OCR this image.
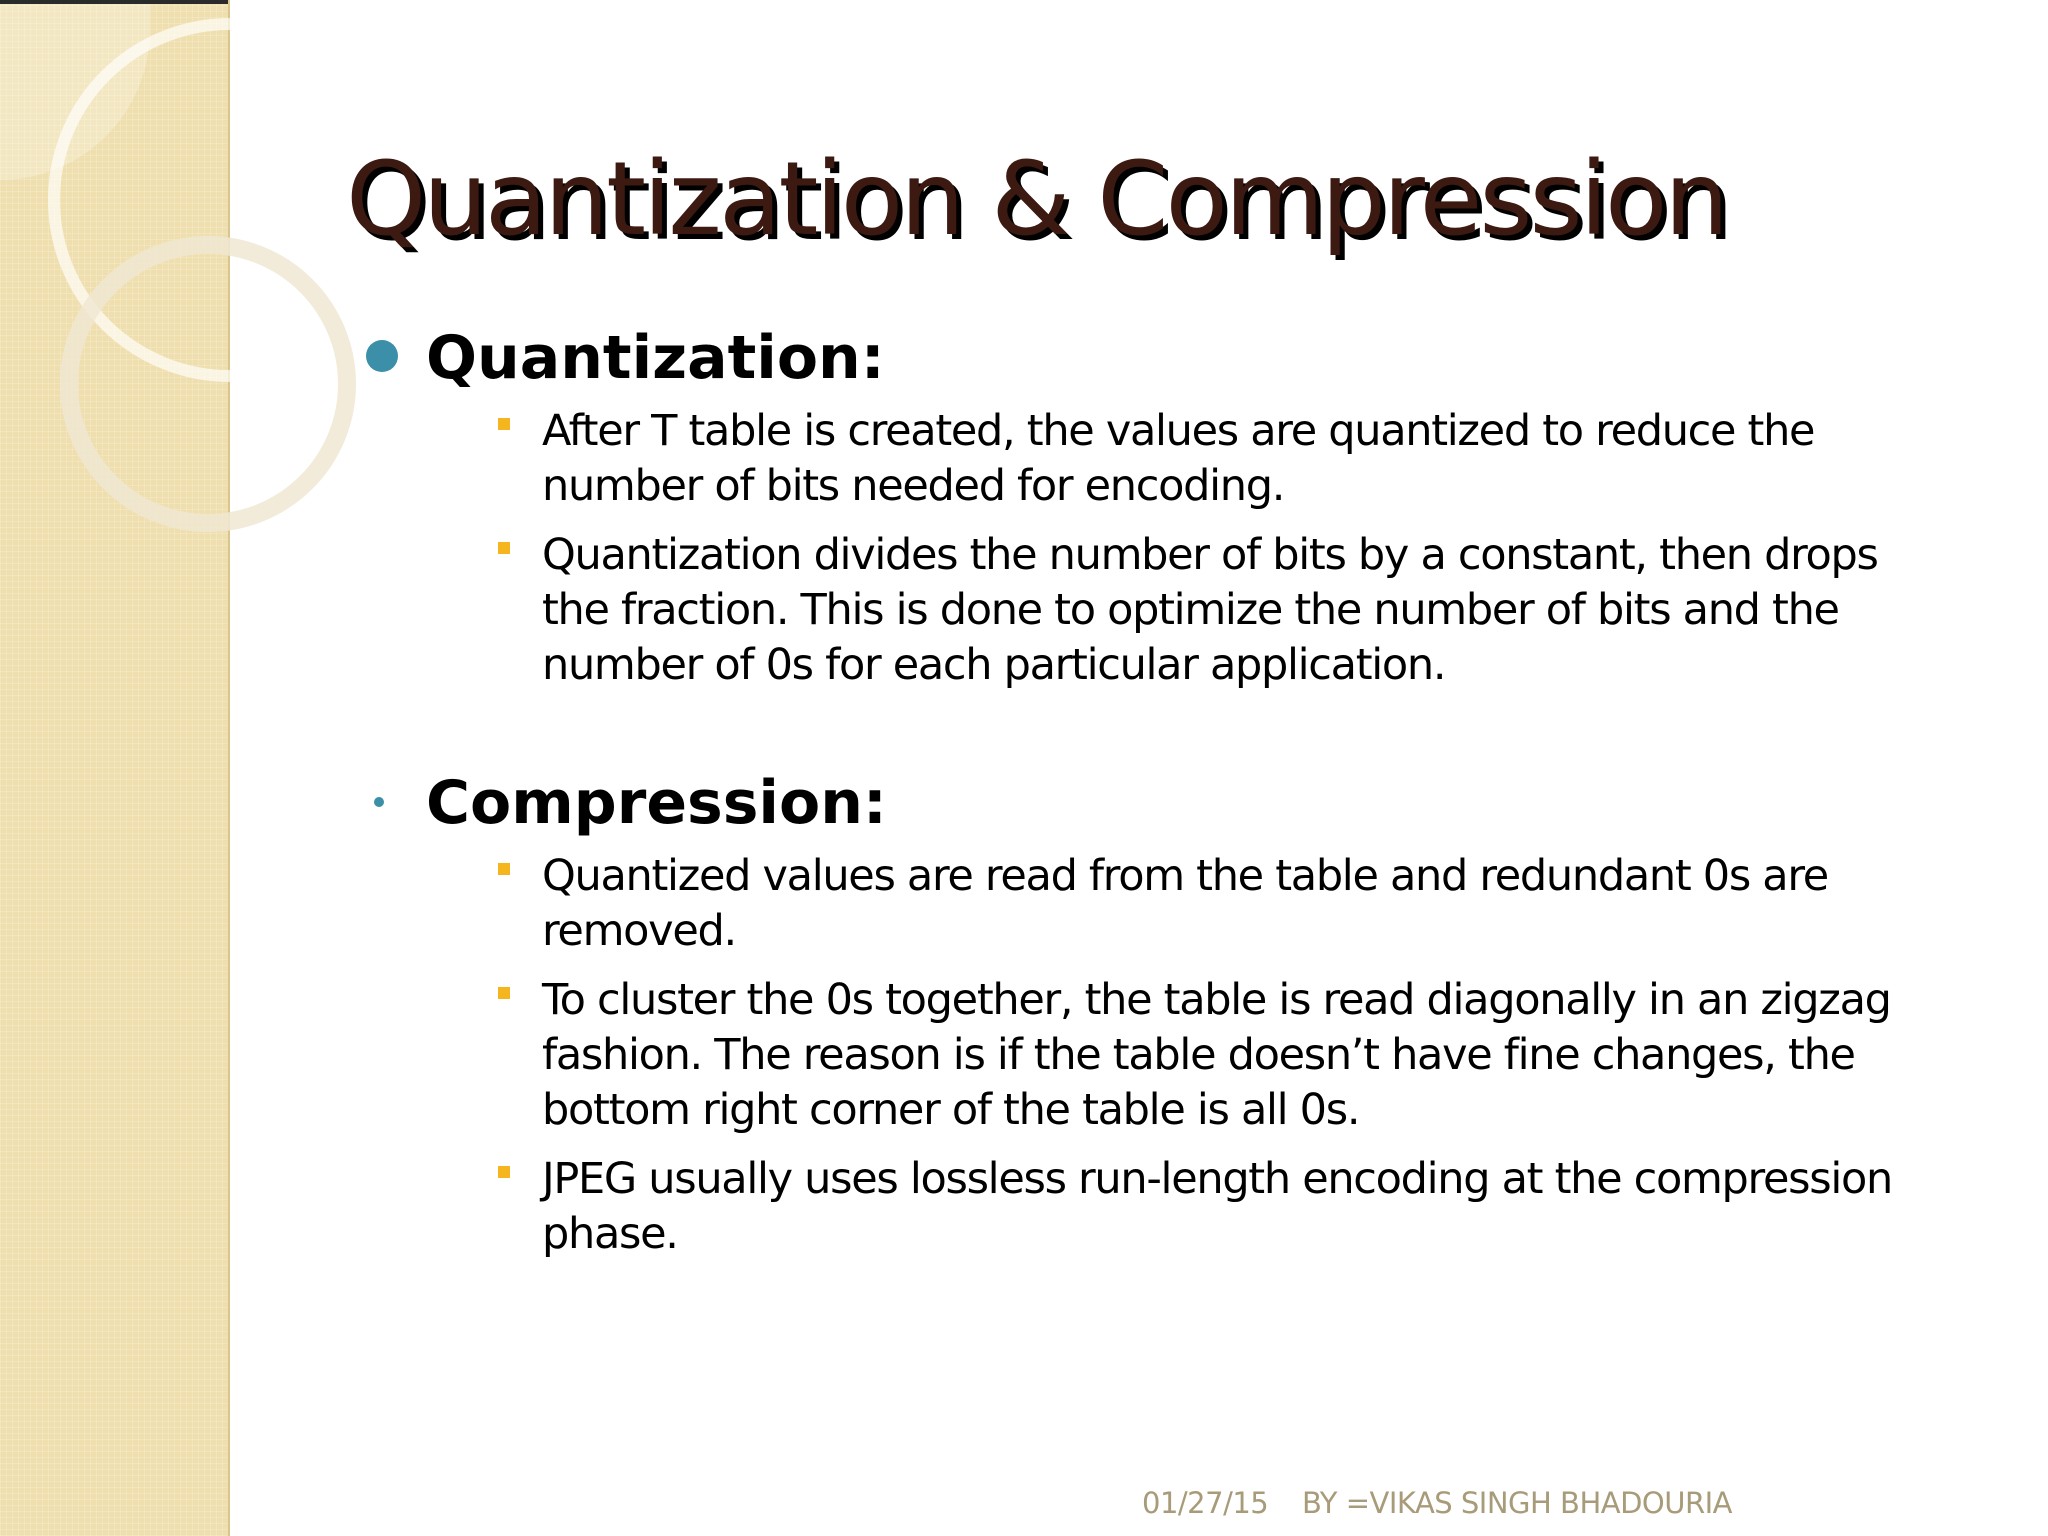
Quantization & Compression
Quantization:
After T table is created, the values are quantized to reduce the number of bits needed for encoding.
Quantization divides the number of bits by a constant, then drops the fraction. This is done to optimize the number of bits and the number of 0s for each particular application.
Compression:
Quantized values are read from the table and redundant 0s are removed.
To cluster the 0s together, the table is read diagonally in an zigzag fashion. The reason is if the table doesn’t have fine changes, the bottom right corner of the table is all 0s.
JPEG usually uses lossless run-length encoding at the compression phase.
01/27/15 BY =VIKAS SINGH BHADOURIA
